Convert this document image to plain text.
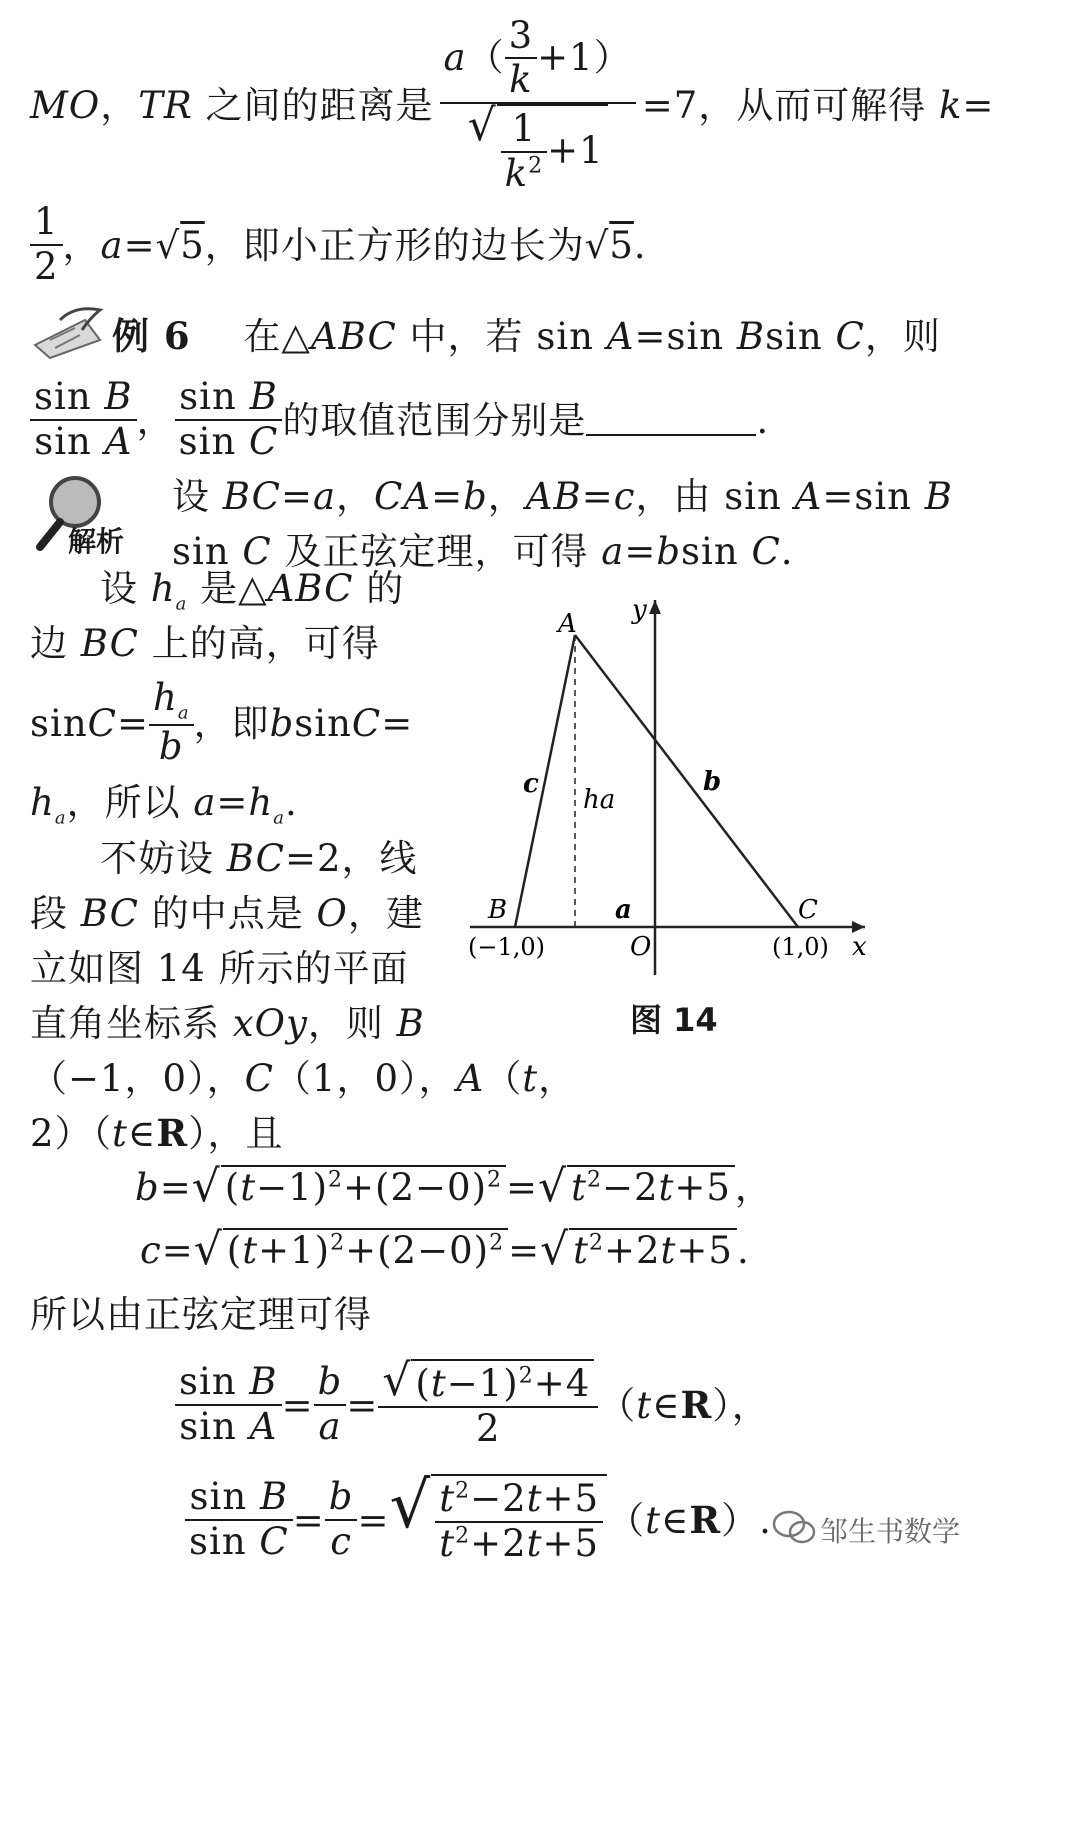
MO，TR 之间的距离是 $\frac{a ( \frac{3}{k} +1)}{√ \frac{1}{k^2} +1} =7$，从而可解得 k=
$\frac{1}{2}$ ，a=√5，即小正方形的边长为√5.
例 6 在△ABC 中，若 sin A=sin Bsin C，则
$\frac{\text{sin B}}{\text{sin A}}$ ， $\frac{\text{sin B}}{\text{sin C}}$ 的取值范围分别是	.
解析
设 BC=a，CA=b，AB=c，由 sin A=sin B
sin C 及正弦定理，可得 a=bsin C.
设 $h_a$ 是△ABC 的
边 BC 上的高，可得
$\sin C = \frac{h_a}{b}$ ，即 b sin C =
$h_a$，所以 $a=h_a$.
不妨设 BC=2，线
段 BC 的中点是 O，建
立如图 14 所示的平面
直角坐标系 xOy，则 B
（−1，0），C（1，0），A（t，
2）（t∈R），且
A
B	C
O	x
y
a
b
c
ha
(−1,0)	(1,0)
图 14
b = √ $(t-1)^2+(2-0)^2$ = √ $t^2-2t+5$ ，
c = √ $(t+1)^2+(2-0)^2$ = √ $t^2+2t+5$ .
所以由正弦定理可得
$\frac{\text{sin B}}{\text{sin A}} = \frac{b}{a} = \frac{√ (t-1)^2+4}{2}$ （ t ∈ R ），
$\frac{\text{sin B}}{\text{sin C}} = \frac{b}{c}$ = √ $\frac{t^2-2t+5}{t^2+2t+5}$ （ t ∈ R ）. 邹生书数学
